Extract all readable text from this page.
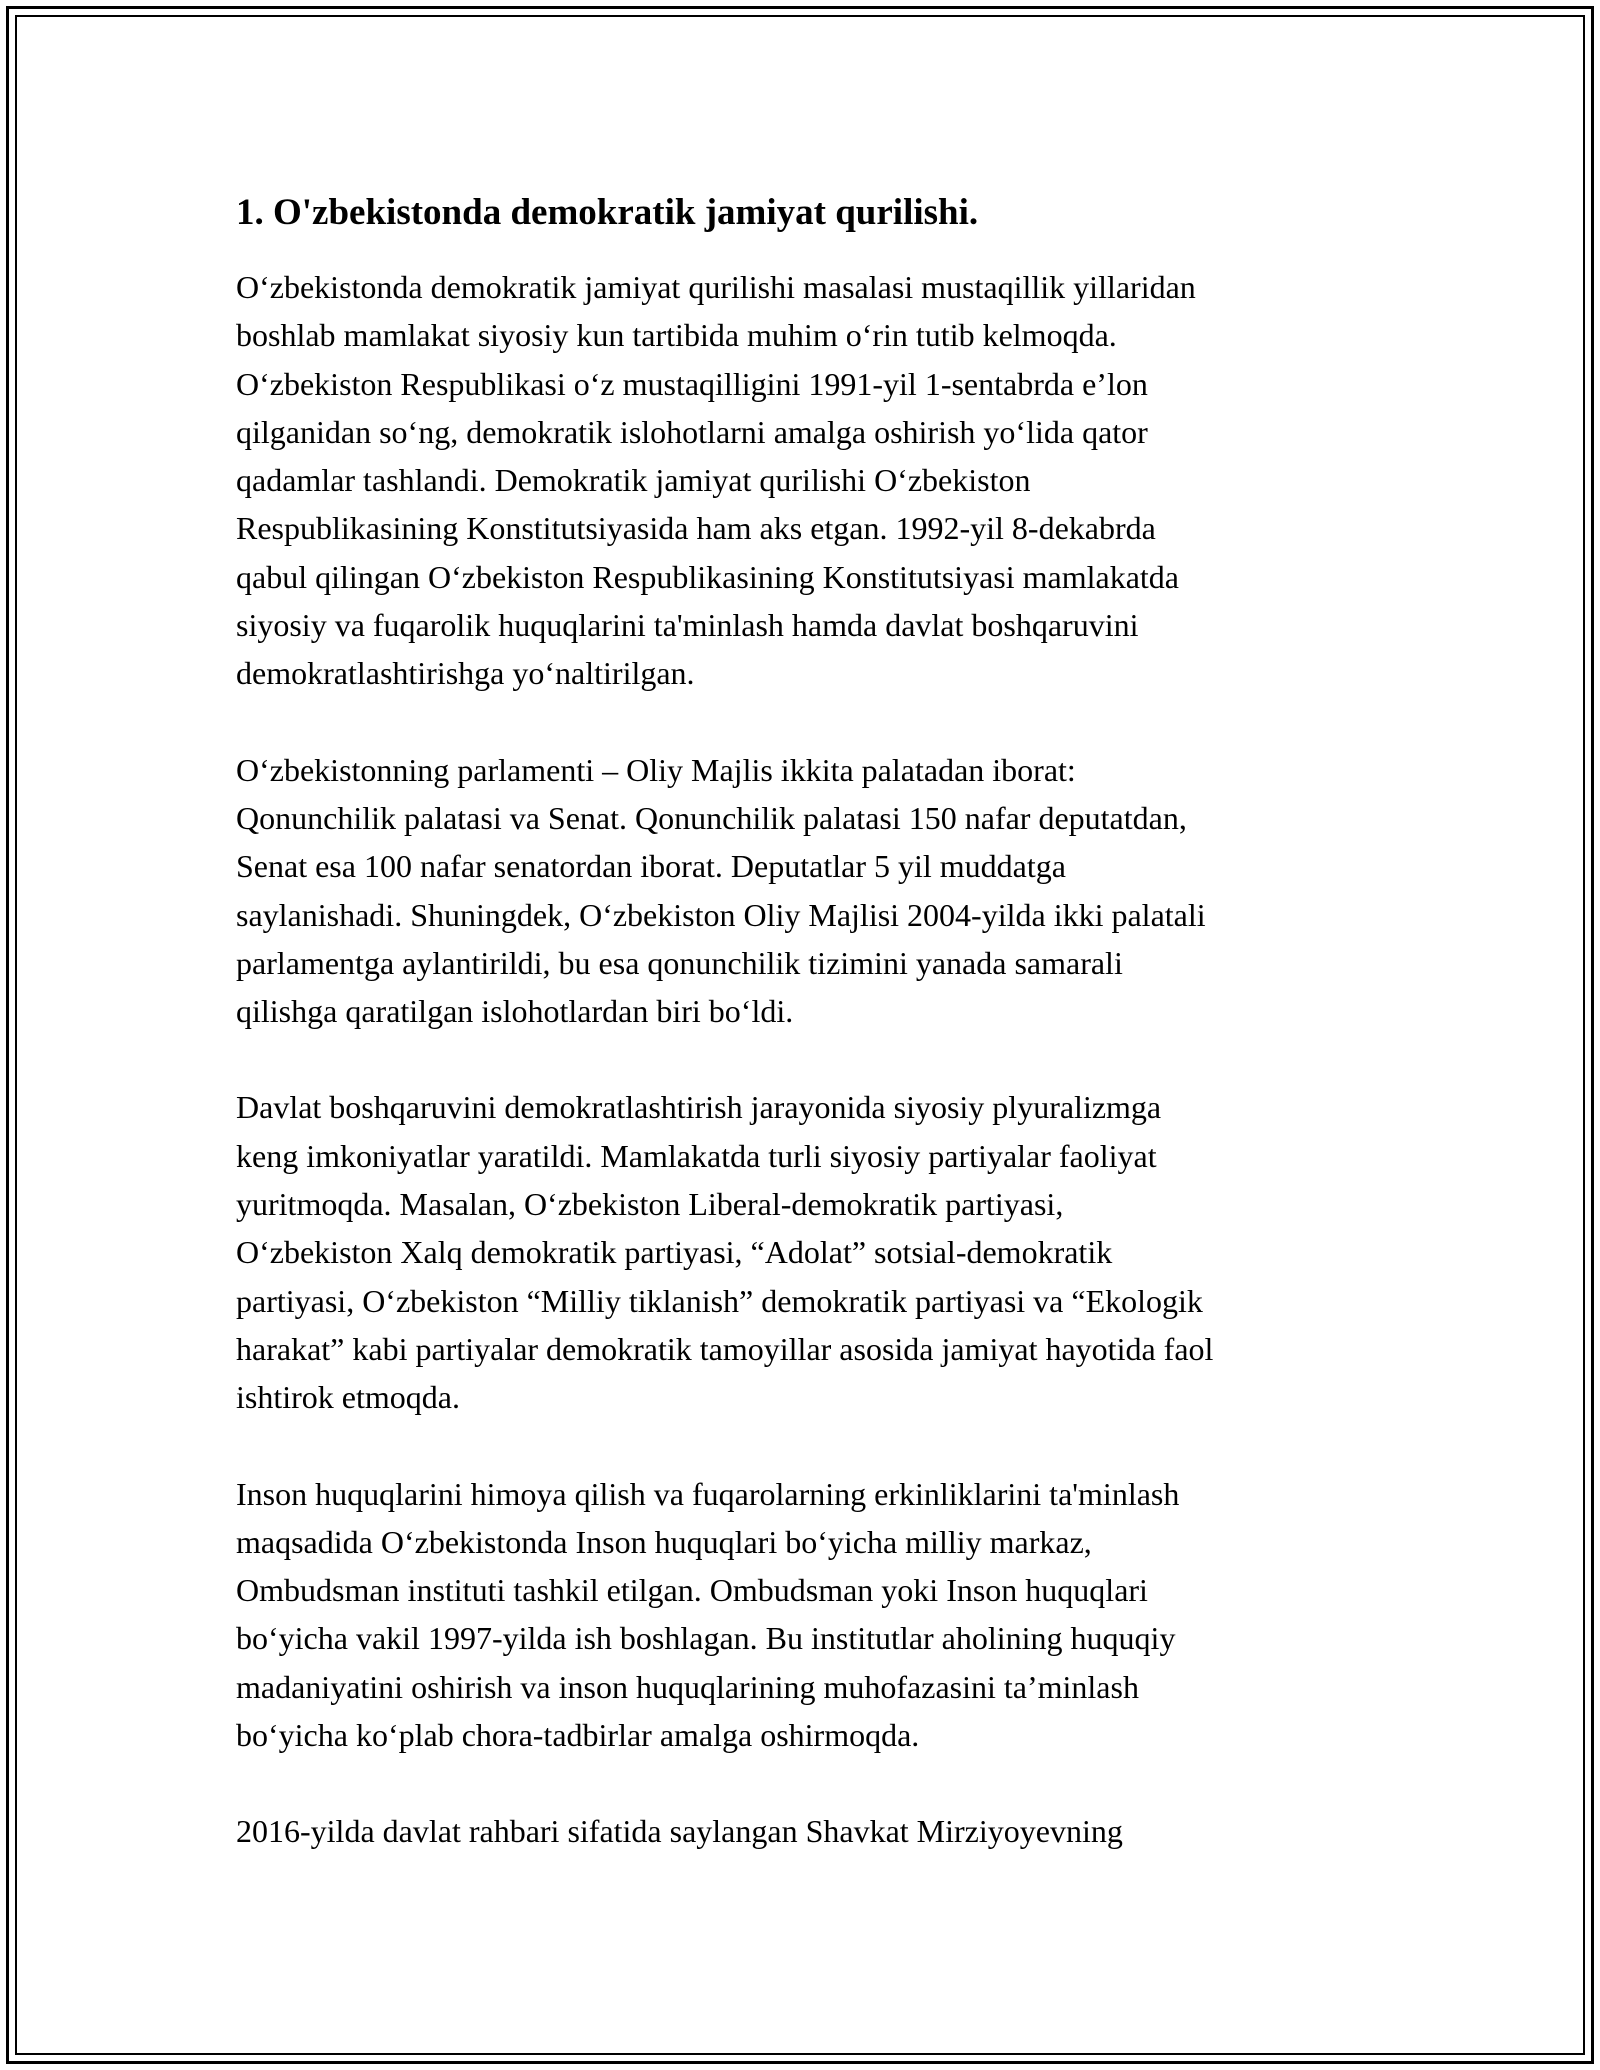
1. O'zbekistonda demokratik jamiyat qurilishi.

O‘zbekistonda demokratik jamiyat qurilishi masalasi mustaqillik yillaridan
boshlab mamlakat siyosiy kun tartibida muhim o‘rin tutib kelmoqda.
O‘zbekiston Respublikasi o‘z mustaqilligini 1991-yil 1-sentabrda e’lon
qilganidan so‘ng, demokratik islohotlarni amalga oshirish yo‘lida qator
qadamlar tashlandi. Demokratik jamiyat qurilishi O‘zbekiston
Respublikasining Konstitutsiyasida ham aks etgan. 1992-yil 8-dekabrda
qabul qilingan O‘zbekiston Respublikasining Konstitutsiyasi mamlakatda
siyosiy va fuqarolik huquqlarini ta'minlash hamda davlat boshqaruvini
demokratlashtirishga yo‘naltirilgan.

O‘zbekistonning parlamenti – Oliy Majlis ikkita palatadan iborat:
Qonunchilik palatasi va Senat. Qonunchilik palatasi 150 nafar deputatdan,
Senat esa 100 nafar senatordan iborat. Deputatlar 5 yil muddatga
saylanishadi. Shuningdek, O‘zbekiston Oliy Majlisi 2004-yilda ikki palatali
parlamentga aylantirildi, bu esa qonunchilik tizimini yanada samarali
qilishga qaratilgan islohotlardan biri bo‘ldi.

Davlat boshqaruvini demokratlashtirish jarayonida siyosiy plyuralizmga
keng imkoniyatlar yaratildi. Mamlakatda turli siyosiy partiyalar faoliyat
yuritmoqda. Masalan, O‘zbekiston Liberal-demokratik partiyasi,
O‘zbekiston Xalq demokratik partiyasi, “Adolat” sotsial-demokratik
partiyasi, O‘zbekiston “Milliy tiklanish” demokratik partiyasi va “Ekologik
harakat” kabi partiyalar demokratik tamoyillar asosida jamiyat hayotida faol
ishtirok etmoqda.

Inson huquqlarini himoya qilish va fuqarolarning erkinliklarini ta'minlash
maqsadida O‘zbekistonda Inson huquqlari bo‘yicha milliy markaz,
Ombudsman instituti tashkil etilgan. Ombudsman yoki Inson huquqlari
bo‘yicha vakil 1997-yilda ish boshlagan. Bu institutlar aholining huquqiy
madaniyatini oshirish va inson huquqlarining muhofazasini ta’minlash
bo‘yicha ko‘plab chora-tadbirlar amalga oshirmoqda.

2016-yilda davlat rahbari sifatida saylangan Shavkat Mirziyoyevning
